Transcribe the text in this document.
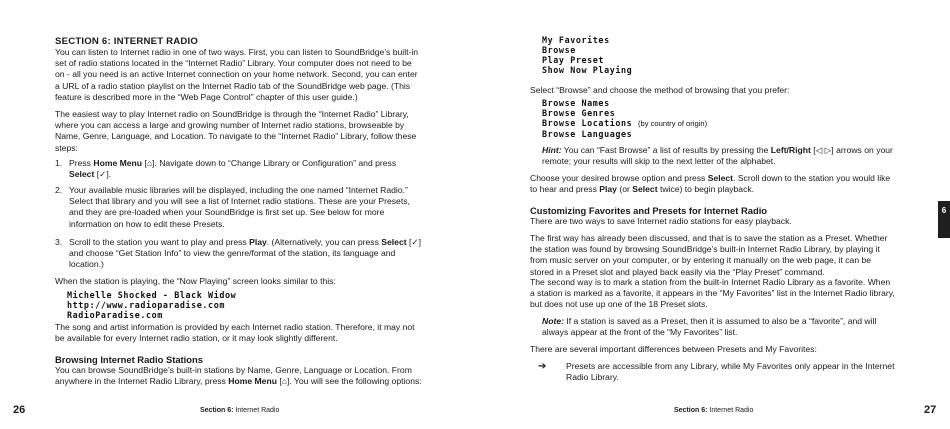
SECTION 6: INTERNET RADIO
You can listen to Internet radio in one of two ways. First, you can listen to SoundBridge’s built-in set of radio stations located in the “Internet Radio” Library. Your computer does not need to be on - all you need is an active Internet connection on your home network. Second, you can enter a URL of a radio station playlist on the Internet Radio tab of the SoundBridge web page. (This feature is described more in the “Web Page Control” chapter of this user guide.)
The easiest way to play Internet radio on SoundBridge is through the “Internet Radio” Library, where you can access a large and growing number of Internet radio stations, browseable by Name, Genre, Language, and Location. To navigate to the “Internet Radio” Library, follow these steps:
1. Press Home Menu [⌂]. Navigate down to “Change Library or Configuration” and press Select [✓].
2. Your available music libraries will be displayed, including the one named “Internet Radio.” Select that library and you will see a list of Internet radio stations. These are your Presets, and they are pre-loaded when your SoundBridge is first set up. See below for more information on how to edit these Presets.
3. Scroll to the station you want to play and press Play. (Alternatively, you can press Select [✓] and choose “Get Station Info” to view the genre/format of the station, its language and location.)
When the station is playing, the “Now Playing” screen looks similar to this:
Michelle Shocked - Black Widow
http://www.radioparadise.com
RadioParadise.com
The song and artist information is provided by each Internet radio station. Therefore, it may not be available for every Internet radio station, or it may look slightly different.
Browsing Internet Radio Stations
You can browse SoundBridge’s built-in stations by Name, Genre, Language or Location. From anywhere in the Internet Radio Library, press Home Menu [⌂]. You will see the following options:
26	Section 6: Internet Radio
My Favorites
Browse
Play Preset
Show Now Playing
Select “Browse” and choose the method of browsing that you prefer:
Browse Names
Browse Genres
Browse Locations (by country of origin)
Browse Languages
Hint: You can “Fast Browse” a list of results by pressing the Left/Right [◁ ▷] arrows on your remote; your results will skip to the next letter of the alphabet.
Choose your desired browse option and press Select. Scroll down to the station you would like to hear and press Play (or Select twice) to begin playback.
Customizing Favorites and Presets for Internet Radio
There are two ways to save Internet radio stations for easy playback.
The first way has already been discussed, and that is to save the station as a Preset. Whether the station was found by browsing SoundBridge’s built-in Internet Radio Library, by playing it from music server on your computer, or by entering it manually on the web page, it can be stored in a Preset slot and played back easily via the “Play Preset” command.
The second way is to mark a station from the built-in Internet Radio Library as a favorite. When a station is marked as a favorite, it appears in the “My Favorites” list in the Internet Radio library, but does not use up one of the 18 Preset slots.
Note: If a station is saved as a Preset, then it is assumed to also be a “favorite”, and will always appear at the front of the “My Favorites” list.
There are several important differences between Presets and My Favorites:
➔ Presets are accessible from any Library, while My Favorites only appear in the Internet Radio Library.
Section 6: Internet Radio	27
6
